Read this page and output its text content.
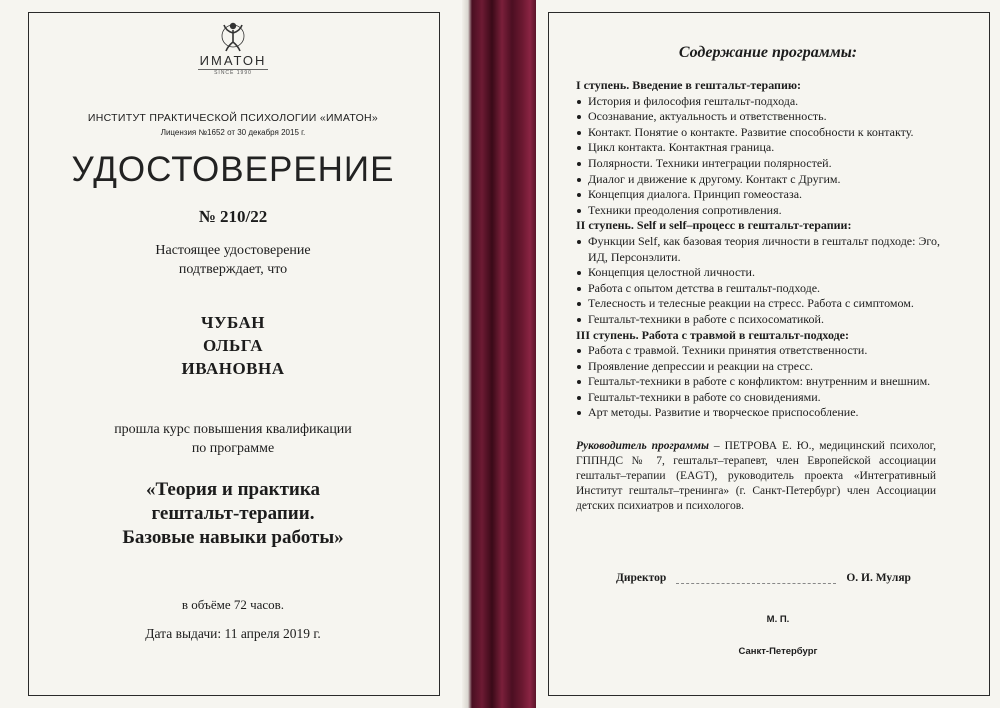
ИМАТОН
SINCE 1990
ИНСТИТУТ ПРАКТИЧЕСКОЙ ПСИХОЛОГИИ «ИМАТОН»
Лицензия №1652 от 30 декабря 2015 г.
УДОСТОВЕРЕНИЕ
№ 210/22
Настоящее удостоверение
подтверждает, что
ЧУБАН
ОЛЬГА
ИВАНОВНА
прошла курс повышения квалификации
по программе
«Теория и практика
гештальт-терапии.
Базовые навыки работы»
в объёме 72 часов.
Дата выдачи: 11 апреля 2019 г.
Содержание программы:
I ступень. Введение в гештальт-терапию:
История и философия гештальт-подхода.
Осознавание, актуальность и ответственность.
Контакт. Понятие о контакте. Развитие способности к контакту.
Цикл контакта. Контактная граница.
Полярности. Техники интеграции полярностей.
Диалог и движение к другому. Контакт с Другим.
Концепция диалога. Принцип гомеостаза.
Техники преодоления сопротивления.
II ступень. Self и self–процесс в гештальт-терапии:
Функции Self, как базовая теория личности в гештальт подходе: Эго, ИД, Персонэлити.
Концепция целостной личности.
Работа с опытом детства в гештальт-подходе.
Телесность и телесные реакции на стресс. Работа с симптомом.
Гештальт-техники в работе с психосоматикой.
III ступень. Работа с травмой в гештальт-подходе:
Работа с травмой. Техники принятия ответственности.
Проявление депрессии и реакции на стресс.
Гештальт-техники в работе с конфликтом: внутренним и внешним.
Гештальт-техники в работе со сновидениями.
Арт методы. Развитие и творческое приспособление.
Руководитель программы – ПЕТРОВА Е. Ю., медицинский психолог, ГППНДС № 7, гештальт–терапевт, член Европейской ассоциации гештальт–терапии (EAGT), руководитель проекта «Интегративный Институт гештальт–тренинга» (г. Санкт-Петербург) член Ассоциации детских психиатров и психологов.
Директор	О. И. Муляр
М. П.
Санкт-Петербург
